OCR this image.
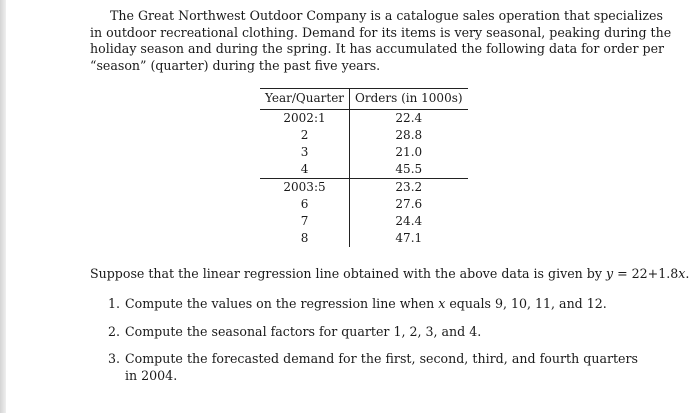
The Great Northwest Outdoor Company is a catalogue sales operation that specializes
in outdoor recreational clothing. Demand for its items is very seasonal, peaking during the
holiday season and during the spring. It has accumulated the following data for order per
“season” (quarter) during the past five years.
Year/Quarter	Orders (in 1000s)
2002:1	22.4
2	28.8
3	21.0
4	45.5
2003:5	23.2
6	27.6
7	24.4
8	47.1
Suppose that the linear regression line obtained with the above data is given by y = 22+1.8x.
1. Compute the values on the regression line when x equals 9, 10, 11, and 12.
2. Compute the seasonal factors for quarter 1, 2, 3, and 4.
3. Compute the forecasted demand for the first, second, third, and fourth quarters in 2004.
